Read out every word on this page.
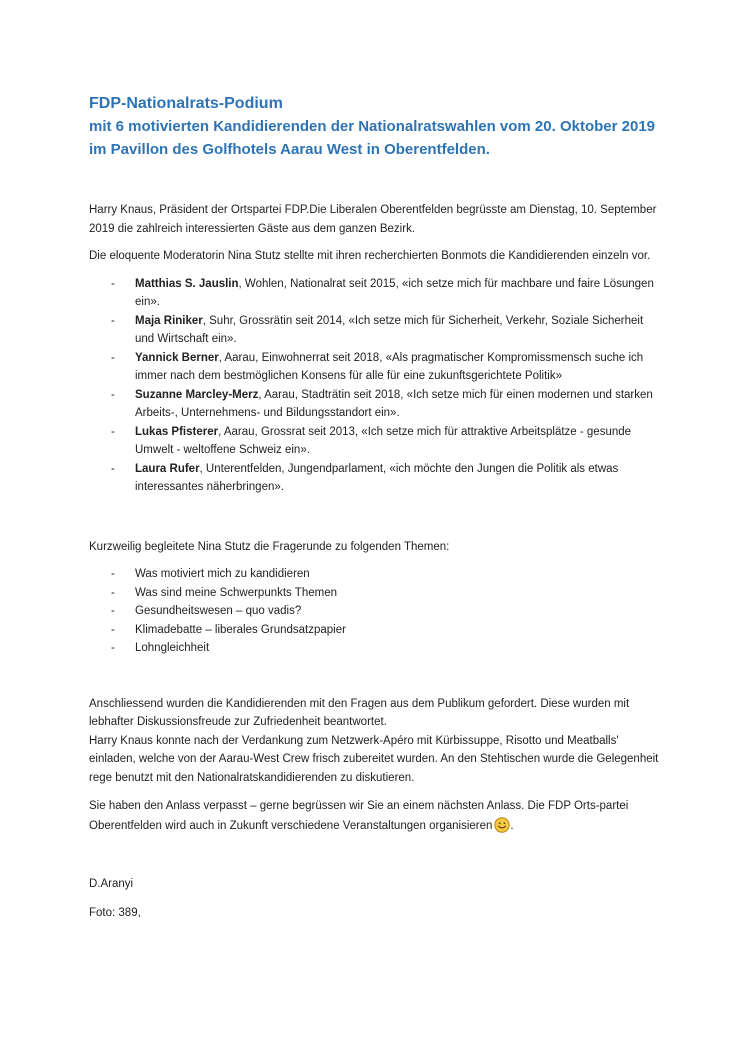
FDP-Nationalrats-Podium
mit 6 motivierten Kandidierenden der Nationalratswahlen vom 20. Oktober 2019 im Pavillon des Golfhotels Aarau West in Oberentfelden.

Harry Knaus, Präsident der Ortspartei FDP.Die Liberalen Oberentfelden begrüsste am Dienstag, 10. September 2019 die zahlreich interessierten Gäste aus dem ganzen Bezirk.

Die eloquente Moderatorin Nina Stutz stellte mit ihren recherchierten Bonmots die Kandidierenden einzeln vor.

- Matthias S. Jauslin, Wohlen, Nationalrat seit 2015, «ich setze mich für machbare und faire Lösungen ein».
- Maja Riniker, Suhr, Grossrätin seit 2014, «Ich setze mich für Sicherheit, Verkehr, Soziale Sicherheit und Wirtschaft ein».
- Yannick Berner, Aarau, Einwohnerrat seit 2018, «Als pragmatischer Kompromissmensch suche ich immer nach dem bestmöglichen Konsens für alle für eine zukunftsgerichtete Politik»
- Suzanne Marcley-Merz, Aarau, Stadträtin seit 2018, «Ich setze mich für einen modernen und starken Arbeits-, Unternehmens- und Bildungsstandort ein».
- Lukas Pfisterer, Aarau, Grossrat seit 2013, «Ich setze mich für attraktive Arbeitsplätze - gesunde Umwelt - weltoffene Schweiz ein».
- Laura Rufer, Unterentfelden, Jungendparlament, «ich möchte den Jungen die Politik als etwas interessantes näherbringen».

Kurzweilig begleitete Nina Stutz die Fragerunde zu folgenden Themen:

- Was motiviert mich zu kandidieren
- Was sind meine Schwerpunkts Themen
- Gesundheitswesen – quo vadis?
- Klimadebatte – liberales Grundsatzpapier
- Lohngleichheit

Anschliessend wurden die Kandidierenden mit den Fragen aus dem Publikum gefordert. Diese wurden mit lebhafter Diskussionsfreude zur Zufriedenheit beantwortet.
Harry Knaus konnte nach der Verdankung zum Netzwerk-Apéro mit Kürbissuppe, Risotto und Meatballs' einladen, welche von der Aarau-West Crew frisch zubereitet wurden. An den Stehtischen wurde die Gelegenheit rege benutzt mit den Nationalratskandidierenden zu diskutieren.

Sie haben den Anlass verpasst – gerne begrüssen wir Sie an einem nächsten Anlass. Die FDP Orts-partei Oberentfelden wird auch in Zukunft verschiedene Veranstaltungen organisieren .

D.Aranyi

Foto: 389,
